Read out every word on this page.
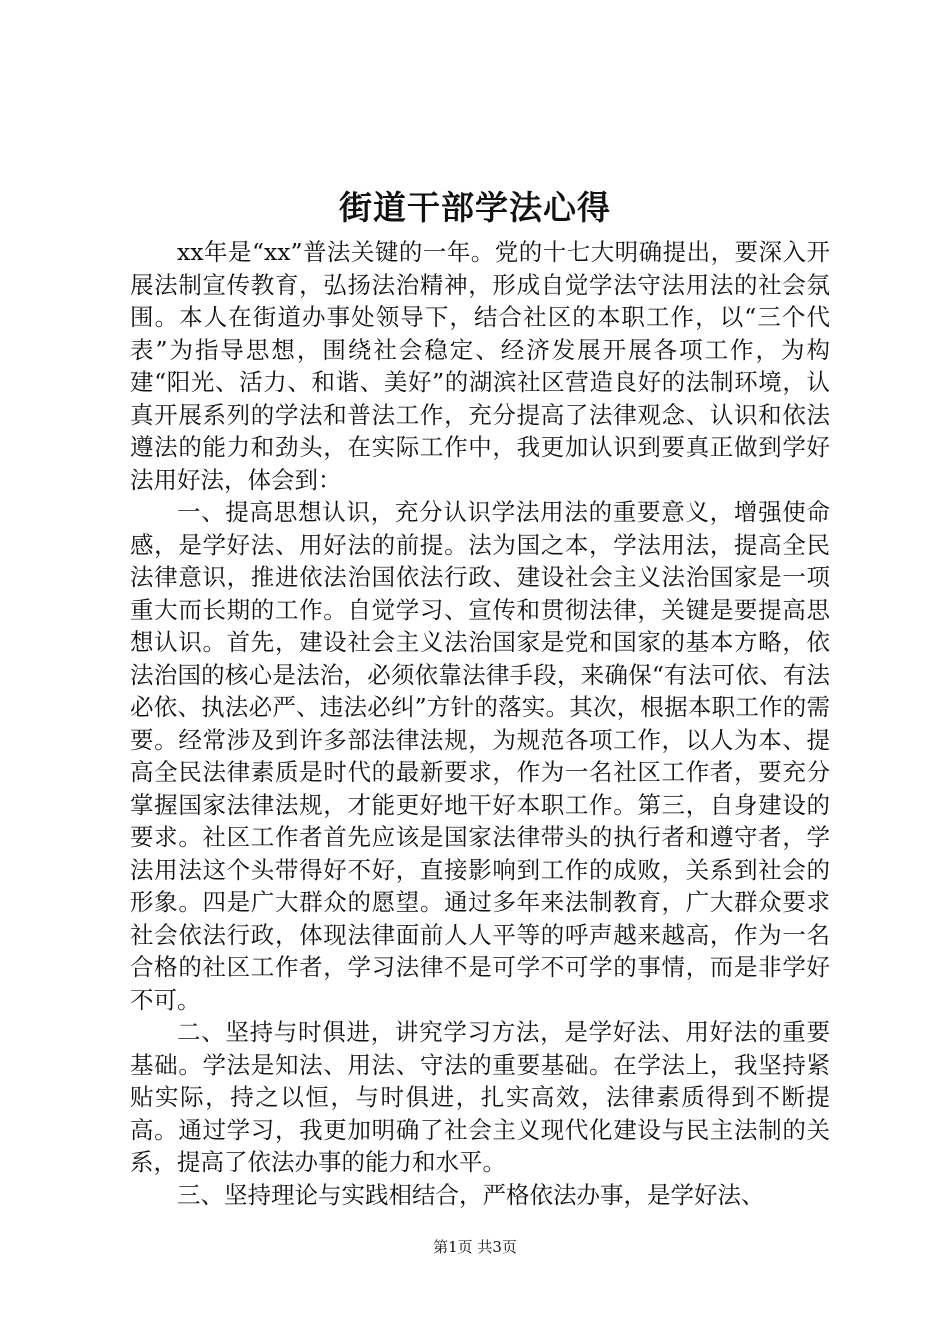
街道干部学法心得

xx年是“xx”普法关键的一年。党的十七大明确提出，要深入开展法制宣传教育，弘扬法治精神，形成自觉学法守法用法的社会氛围。本人在街道办事处领导下，结合社区的本职工作，以“三个代表”为指导思想，围绕社会稳定、经济发展开展各项工作，为构建“阳光、活力、和谐、美好”的湖滨社区营造良好的法制环境，认真开展系列的学法和普法工作，充分提高了法律观念、认识和依法遵法的能力和劲头，在实际工作中，我更加认识到要真正做到学好法用好法，体会到：

一、提高思想认识，充分认识学法用法的重要意义，增强使命感，是学好法、用好法的前提。法为国之本，学法用法，提高全民法律意识，推进依法治国依法行政、建设社会主义法治国家是一项重大而长期的工作。自觉学习、宣传和贯彻法律，关键是要提高思想认识。首先，建设社会主义法治国家是党和国家的基本方略，依法治国的核心是法治，必须依靠法律手段，来确保“有法可依、有法必依、执法必严、违法必纠”方针的落实。其次，根据本职工作的需要。经常涉及到许多部法律法规，为规范各项工作，以人为本、提高全民法律素质是时代的最新要求，作为一名社区工作者，要充分掌握国家法律法规，才能更好地干好本职工作。第三，自身建设的要求。社区工作者首先应该是国家法律带头的执行者和遵守者，学法用法这个头带得好不好，直接影响到工作的成败，关系到社会的形象。四是广大群众的愿望。通过多年来法制教育，广大群众要求社会依法行政，体现法律面前人人平等的呼声越来越高，作为一名合格的社区工作者，学习法律不是可学不可学的事情，而是非学好不可。

二、坚持与时俱进，讲究学习方法，是学好法、用好法的重要基础。学法是知法、用法、守法的重要基础。在学法上，我坚持紧贴实际，持之以恒，与时俱进，扎实高效，法律素质得到不断提高。通过学习，我更加明确了社会主义现代化建设与民主法制的关系，提高了依法办事的能力和水平。

三、坚持理论与实践相结合，严格依法办事，是学好法、

第1页 共3页
